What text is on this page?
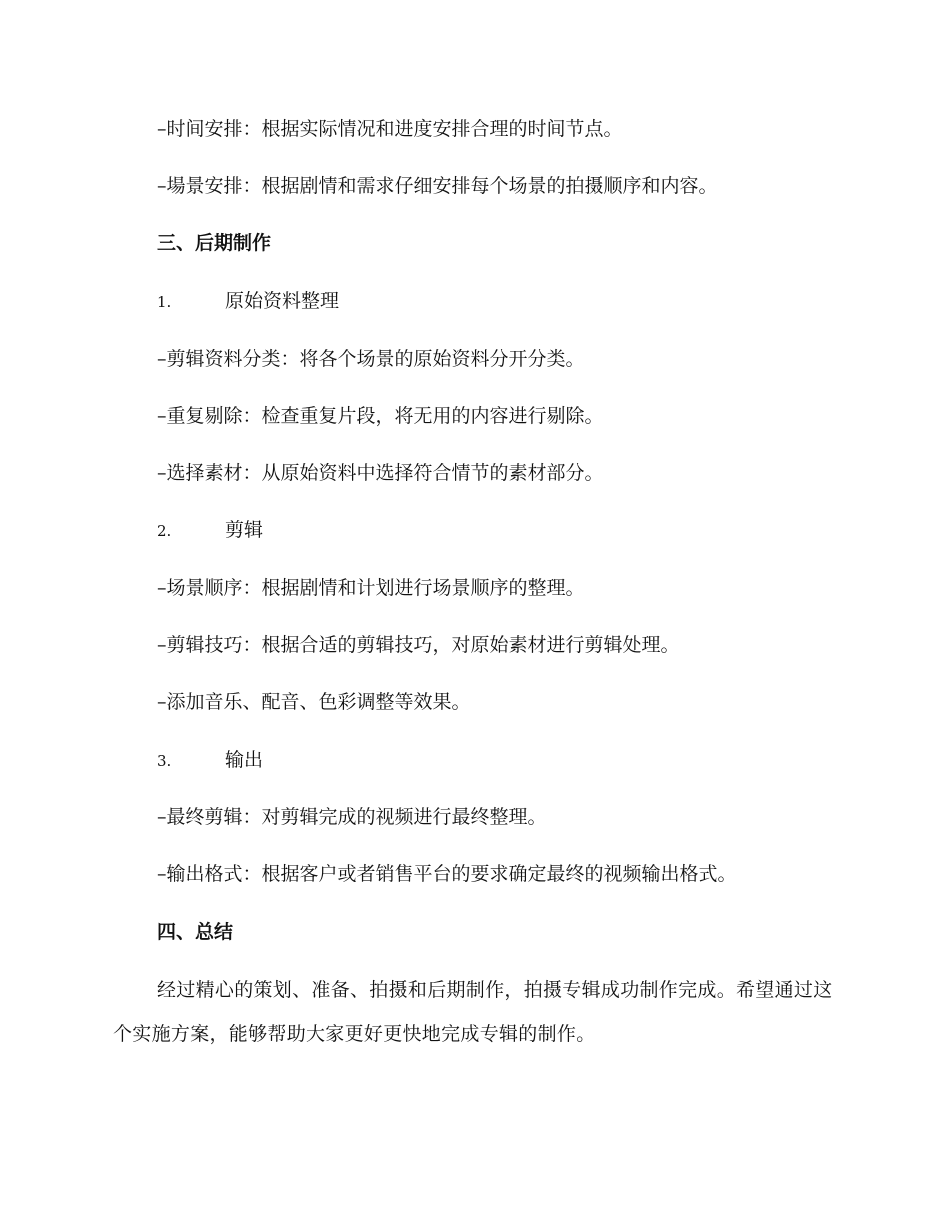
–时间安排：根据实际情况和进度安排合理的时间节点。
–場景安排：根据剧情和需求仔细安排每个场景的拍摄顺序和内容。
三、后期制作
1.	原始资料整理
–剪辑资料分类：将各个场景的原始资料分开分类。
–重复剔除：检查重复片段，将无用的内容进行剔除。
–选择素材：从原始资料中选择符合情节的素材部分。
2.	剪辑
–场景顺序：根据剧情和计划进行场景顺序的整理。
–剪辑技巧：根据合适的剪辑技巧，对原始素材进行剪辑处理。
–添加音乐、配音、色彩调整等效果。
3.	输出
–最终剪辑：对剪辑完成的视频进行最终整理。
–输出格式：根据客户或者销售平台的要求确定最终的视频输出格式。
四、总结
经过精心的策划、准备、拍摄和后期制作，拍摄专辑成功制作完成。希望通过这个实施方案，能够帮助大家更好更快地完成专辑的制作。
